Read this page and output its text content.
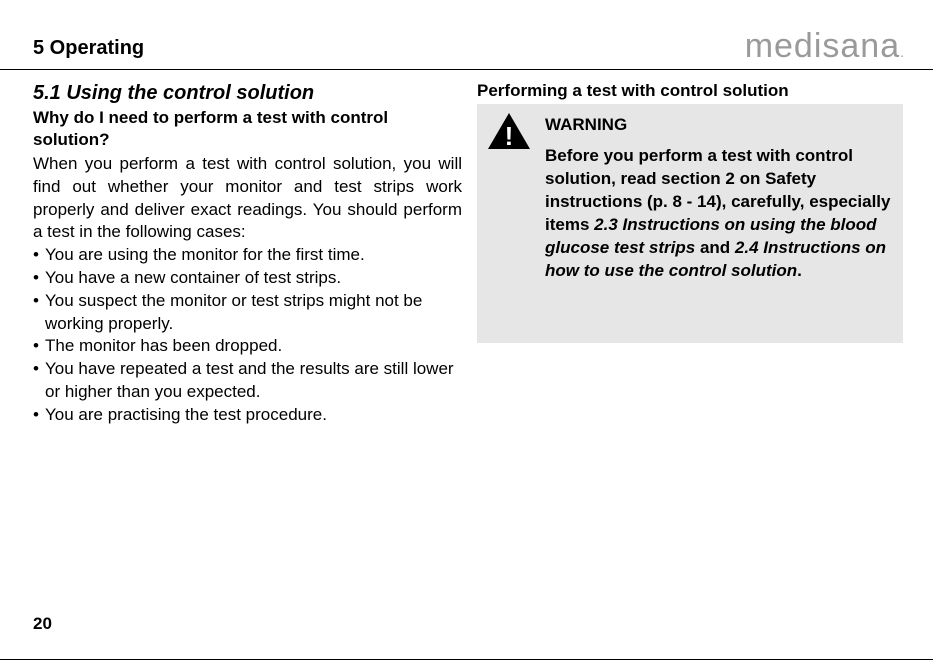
5 Operating	medisana.
5.1 Using the control solution
Why do I need to perform a test with control solution?

When you perform a test with control solution, you will find out whether your monitor and test strips work properly and deliver exact readings. You should perform a test in the following cases:

• You are using the monitor for the first time.
• You have a new container of test strips.
• You suspect the monitor or test strips might not be working properly.
• The monitor has been dropped.
• You have repeated a test and the results are still lower or higher than you expected.
• You are practising the test procedure.
Performing a test with control solution
! WARNING
Before you perform a test with control solution, read section 2 on Safety instructions (p. 8 - 14), carefully, especially items 2.3 Instructions on using the blood glucose test strips and 2.4 Instructions on how to use the control solution.
20
